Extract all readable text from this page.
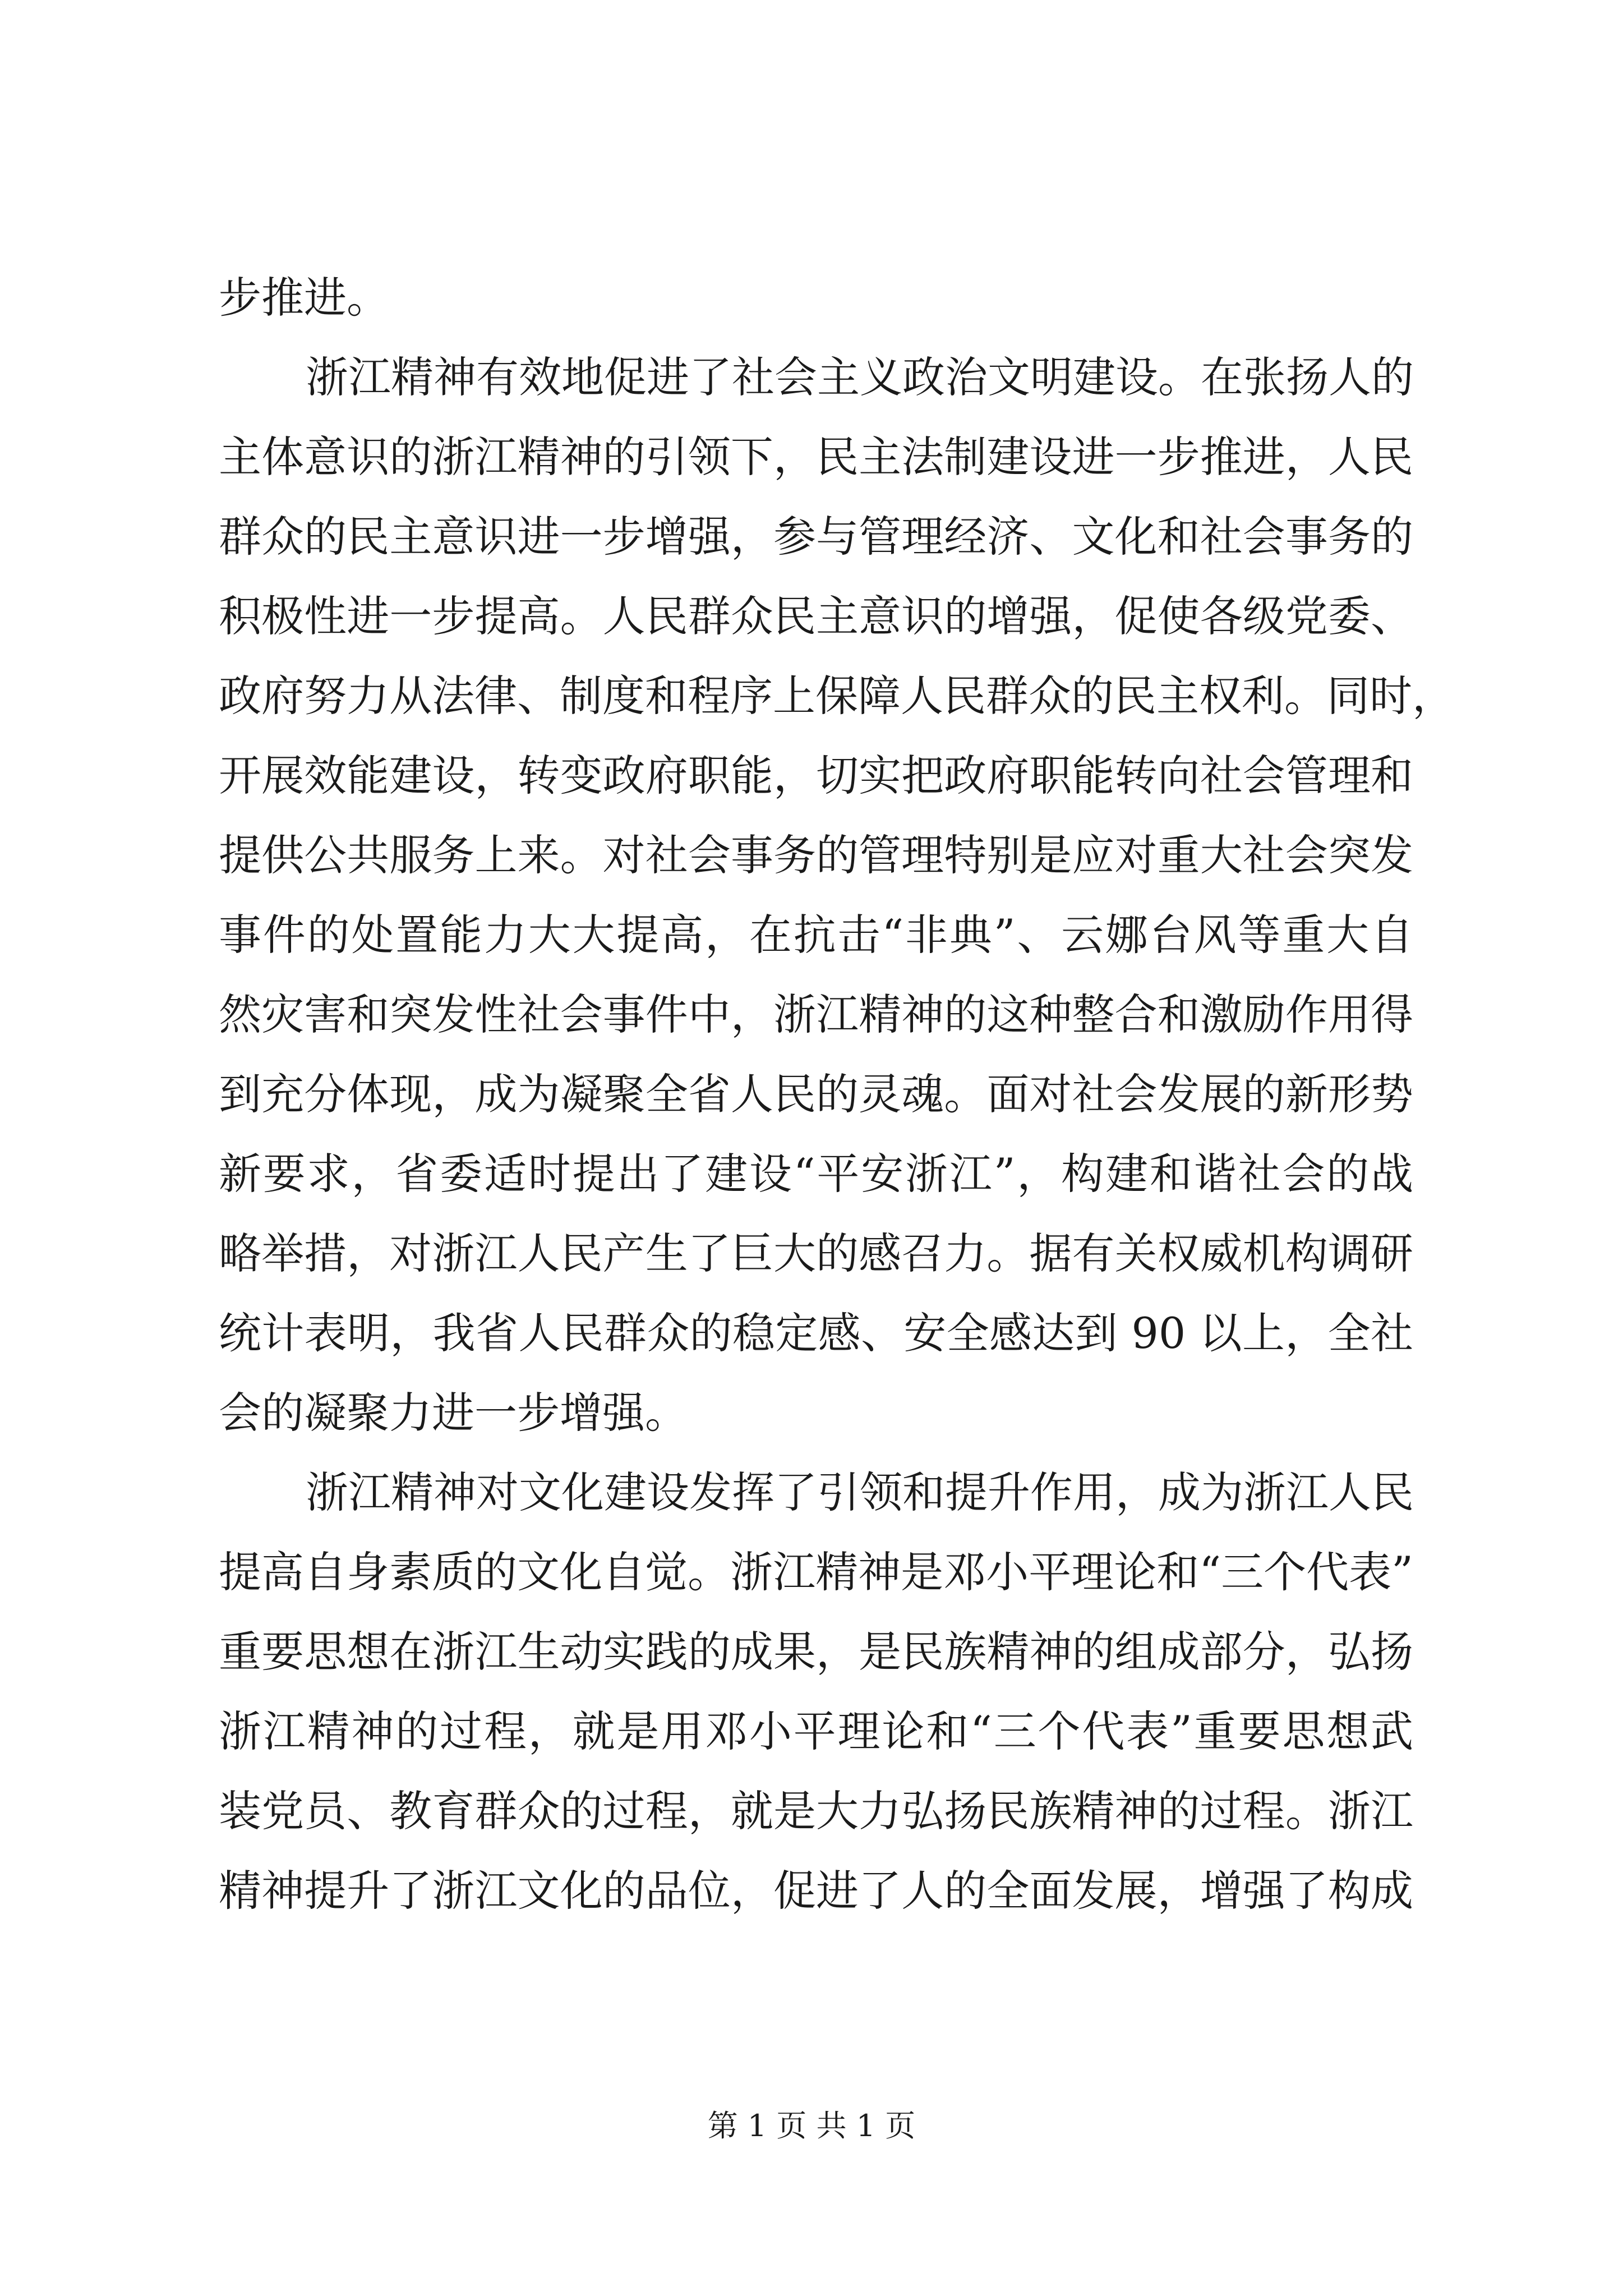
步推进。
浙江精神有效地促进了社会主义政治文明建设。在张扬人的
主体意识的浙江精神的引领下，民主法制建设进一步推进，人民
群众的民主意识进一步增强，参与管理经济、文化和社会事务的
积极性进一步提高。人民群众民主意识的增强，促使各级党委、
政府努力从法律、制度和程序上保障人民群众的民主权利。同时，
开展效能建设，转变政府职能，切实把政府职能转向社会管理和
提供公共服务上来。对社会事务的管理特别是应对重大社会突发
事件的处置能力大大提高，在抗击“非典”、云娜台风等重大自
然灾害和突发性社会事件中，浙江精神的这种整合和激励作用得
到充分体现，成为凝聚全省人民的灵魂。面对社会发展的新形势
新要求，省委适时提出了建设“平安浙江”，构建和谐社会的战
略举措，对浙江人民产生了巨大的感召力。据有关权威机构调研
统计表明，我省人民群众的稳定感、安全感达到 90 以上，全社
会的凝聚力进一步增强。
浙江精神对文化建设发挥了引领和提升作用，成为浙江人民
提高自身素质的文化自觉。浙江精神是邓小平理论和“三个代表”
重要思想在浙江生动实践的成果，是民族精神的组成部分，弘扬
浙江精神的过程，就是用邓小平理论和“三个代表”重要思想武
装党员、教育群众的过程，就是大力弘扬民族精神的过程。浙江
精神提升了浙江文化的品位，促进了人的全面发展，增强了构成
第 1 页 共 1 页
